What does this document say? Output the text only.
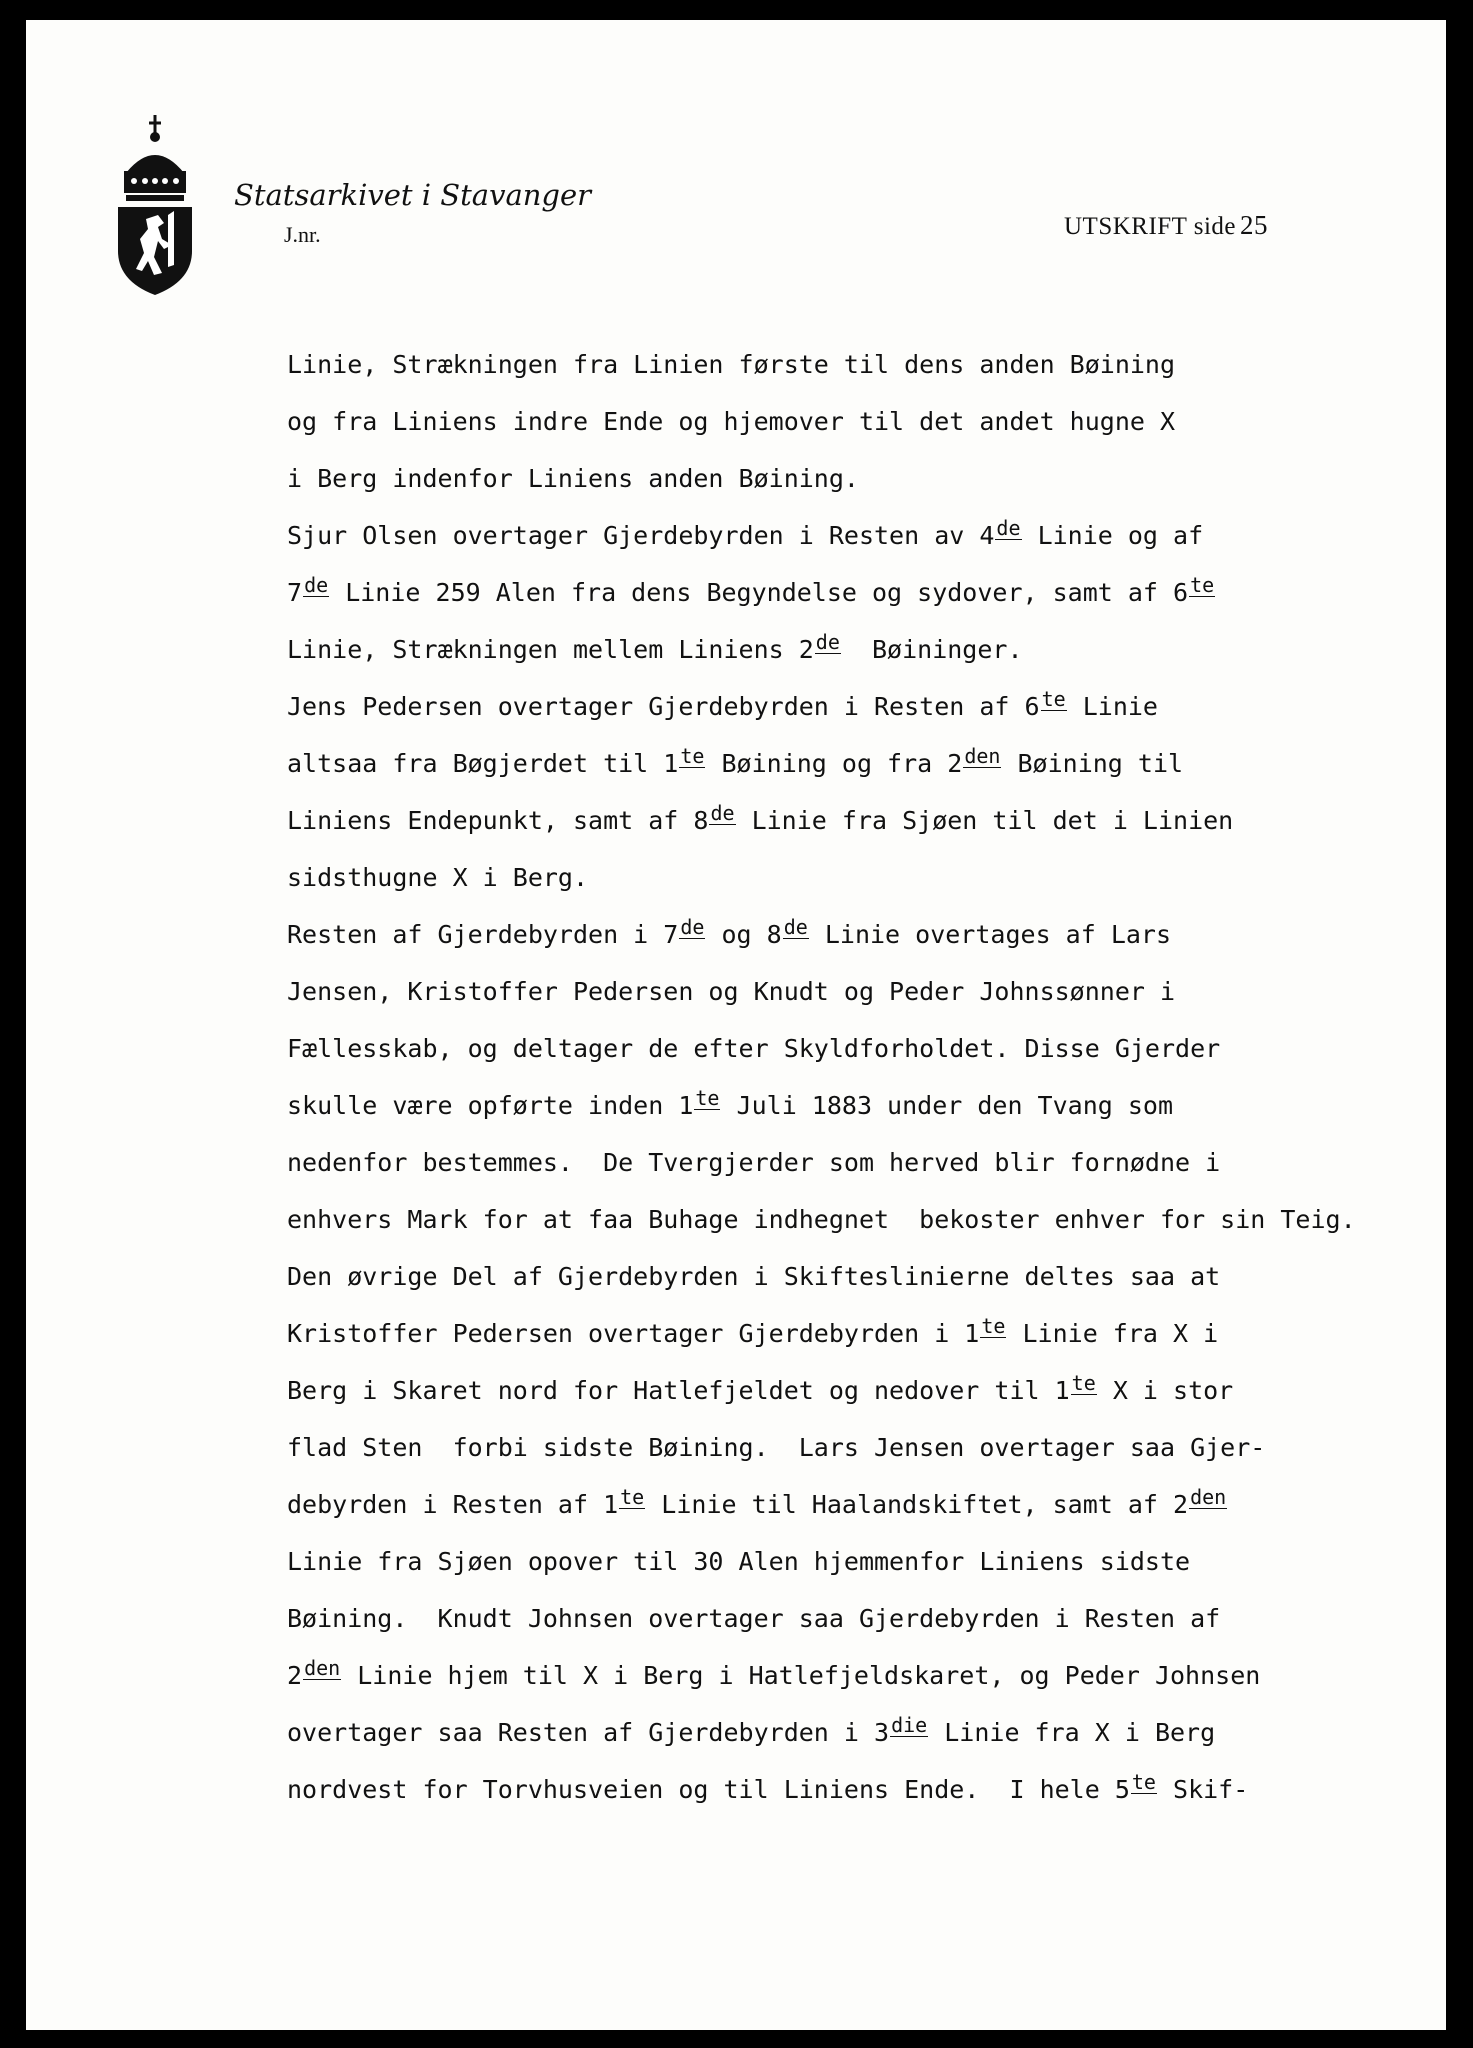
Statsarkivet i Stavanger
J.nr.	UTSKRIFT side 25
Linie, Strækningen fra Linien første til dens anden Bøining
og fra Liniens indre Ende og hjemover til det andet hugne X
i Berg indenfor Liniens anden Bøining.
Sjur Olsen overtager Gjerdebyrden i Resten av 4 de Linie og af
7 de Linie 259 Alen fra dens Begyndelse og sydover, samt af 6 te
Linie, Strækningen mellem Liniens 2 de  Bøininger.
Jens Pedersen overtager Gjerdebyrden i Resten af 6 te Linie
altsaa fra Bøgjerdet til 1 te Bøining og fra 2 den Bøining til
Liniens Endepunkt, samt af 8 de Linie fra Sjøen til det i Linien
sidsthugne X i Berg.
Resten af Gjerdebyrden i 7 de og 8 de Linie overtages af Lars
Jensen, Kristoffer Pedersen og Knudt og Peder Johnssønner i
Fællesskab, og deltager de efter Skyldforholdet. Disse Gjerder
skulle være opførte inden 1 te Juli 1883 under den Tvang som
nedenfor bestemmes.  De Tvergjerder som herved blir fornødne i
enhvers Mark for at faa Buhage indhegnet  bekoster enhver for sin Teig.
Den øvrige Del af Gjerdebyrden i Skifteslinierne deltes saa at
Kristoffer Pedersen overtager Gjerdebyrden i 1 te Linie fra X i
Berg i Skaret nord for Hatlefjeldet og nedover til 1 te X i stor
flad Sten  forbi sidste Bøining.  Lars Jensen overtager saa Gjer-
debyrden i Resten af 1 te Linie til Haalandskiftet, samt af 2 den
Linie fra Sjøen opover til 30 Alen hjemmenfor Liniens sidste
Bøining.  Knudt Johnsen overtager saa Gjerdebyrden i Resten af
2 den Linie hjem til X i Berg i Hatlefjeldskaret, og Peder Johnsen
overtager saa Resten af Gjerdebyrden i 3 die Linie fra X i Berg
nordvest for Torvhusveien og til Liniens Ende.  I hele 5 te Skif-
